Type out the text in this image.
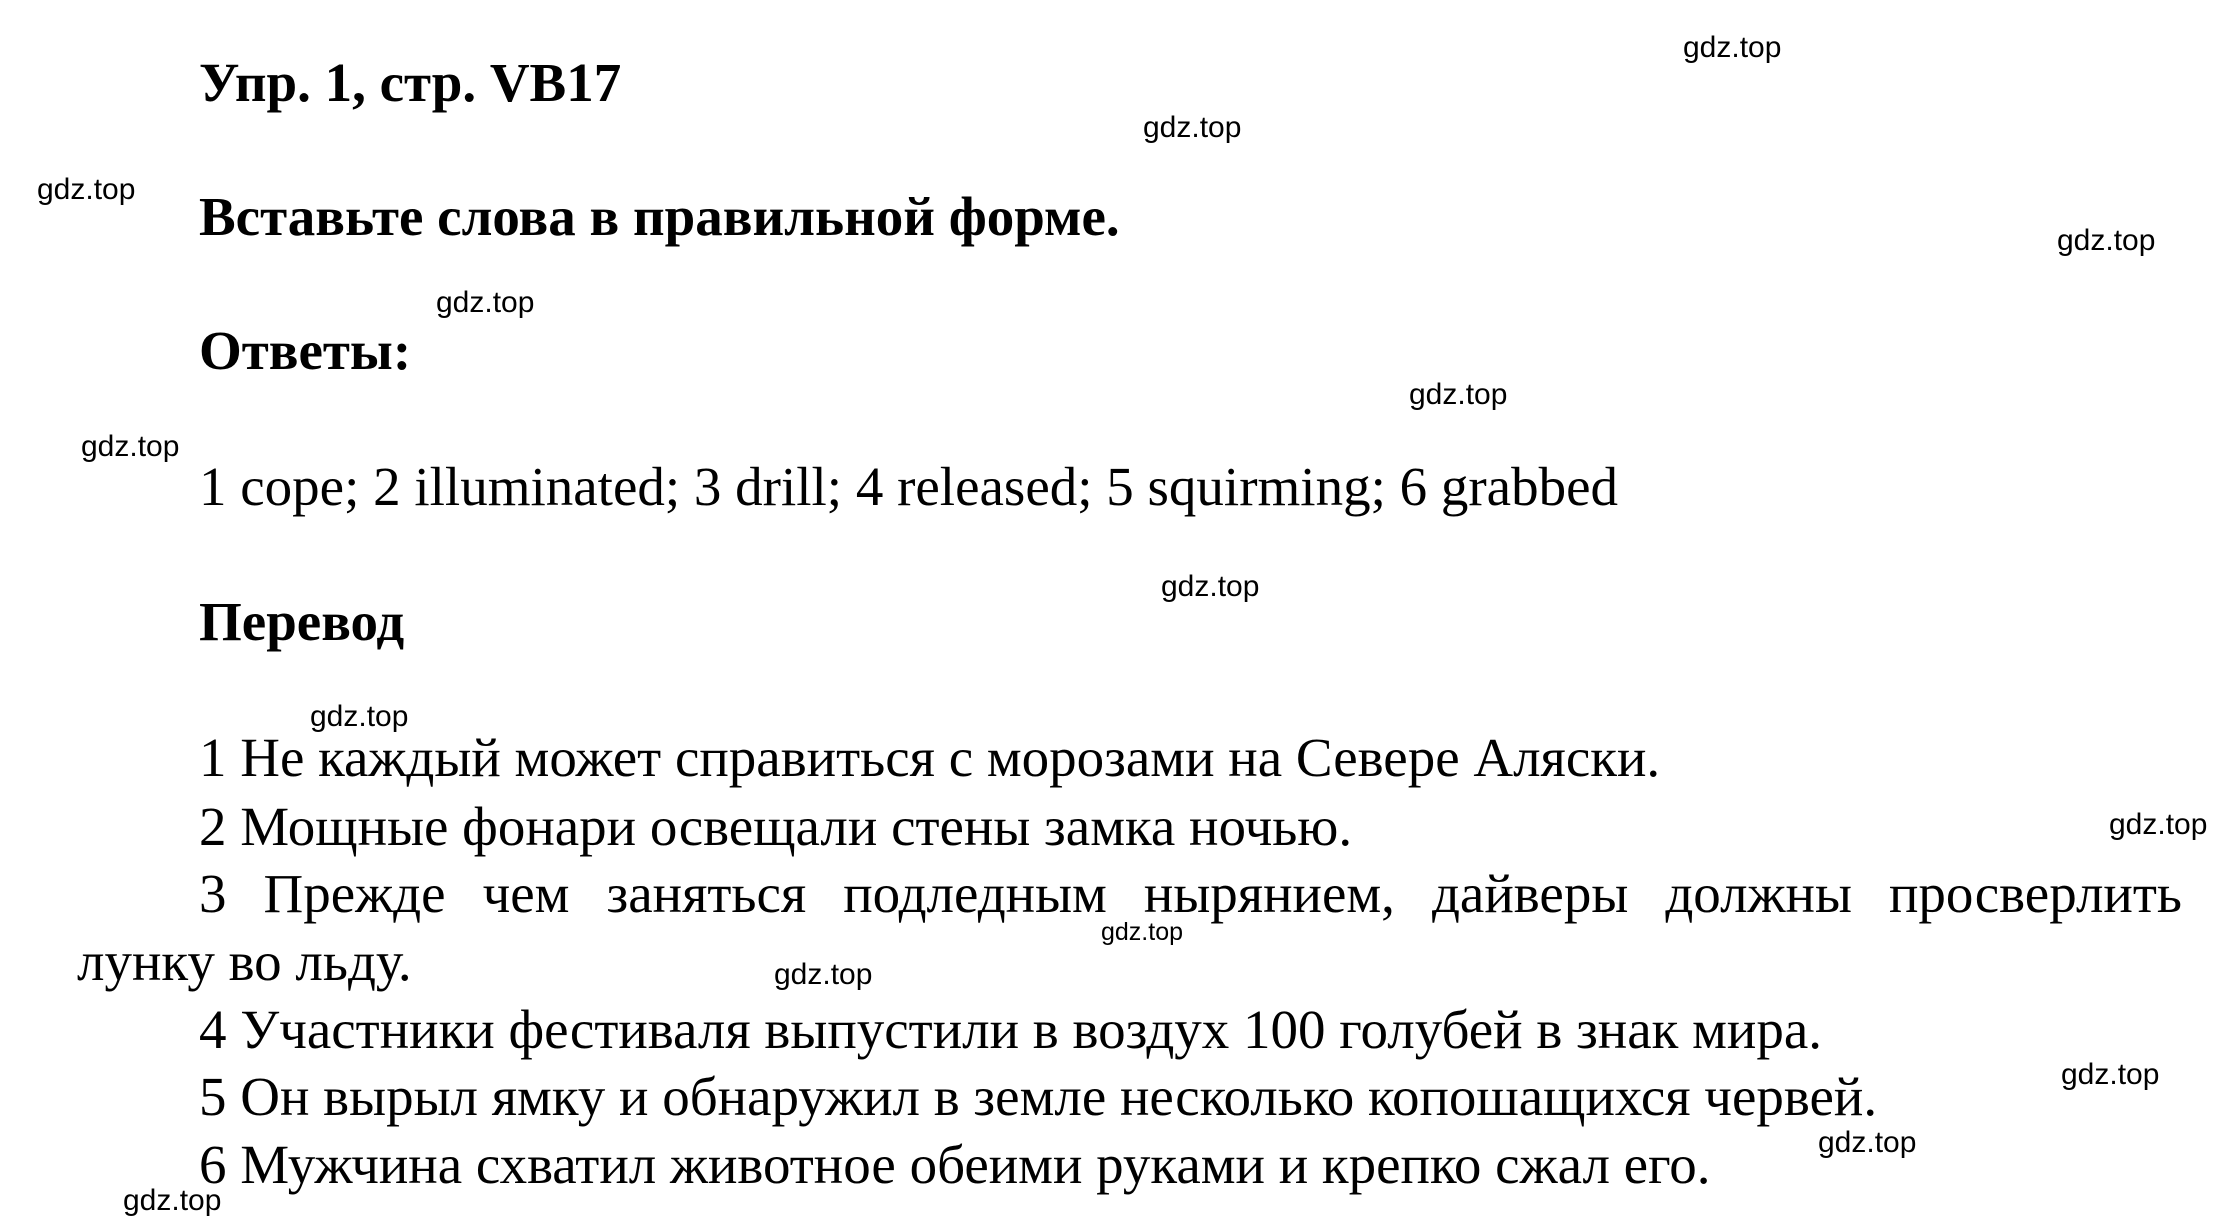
Упр. 1, стр. VB17
Вставьте слова в правильной форме.
Ответы:
1 cope; 2 illuminated; 3 drill; 4 released; 5 squirming; 6 grabbed
Перевод
1 Не каждый может справиться с морозами на Севере Аляски.
2 Мощные фонари освещали стены замка ночью.
3 Прежде чем заняться подледным нырянием, дайверы должны просверлить
лунку во льду.
4 Участники фестиваля выпустили в воздух 100 голубей в знак мира.
5 Он вырыл ямку и обнаружил в земле несколько копошащихся червей.
6 Мужчина схватил животное обеими руками и крепко сжал его.
gdz.top
gdz.top
gdz.top
gdz.top
gdz.top
gdz.top
gdz.top
gdz.top
gdz.top
gdz.top
gdz.top
gdz.top
gdz.top
gdz.top
gdz.top
